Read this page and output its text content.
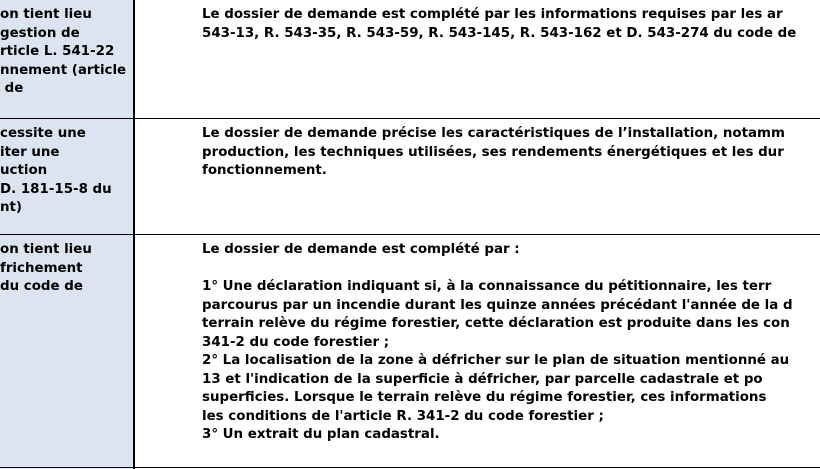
on tient lieu
gestion de
rticle L. 541-22
nnement (article
de
Le dossier de demande est complété par les informations requises par les ar
543-13, R. 543-35, R. 543-59, R. 543-145, R. 543-162 et D. 543-274 du code de
cessite une
iter une
uction
D. 181-15-8 du
nt)
Le dossier de demande précise les caractéristiques de l’installation, notamm
production, les techniques utilisées, ses rendements énergétiques et les dur
fonctionnement.
on tient lieu
frichement
du code de
Le dossier de demande est complété par :

1° Une déclaration indiquant si, à la connaissance du pétitionnaire, les terr
parcourus par un incendie durant les quinze années précédant l'année de la d
terrain relève du régime forestier, cette déclaration est produite dans les con
341-2 du code forestier ;
2° La localisation de la zone à défricher sur le plan de situation mentionné au
13 et l'indication de la superficie à défricher, par parcelle cadastrale et po
superficies. Lorsque le terrain relève du régime forestier, ces informations
les conditions de l'article R. 341-2 du code forestier ;
3° Un extrait du plan cadastral.
